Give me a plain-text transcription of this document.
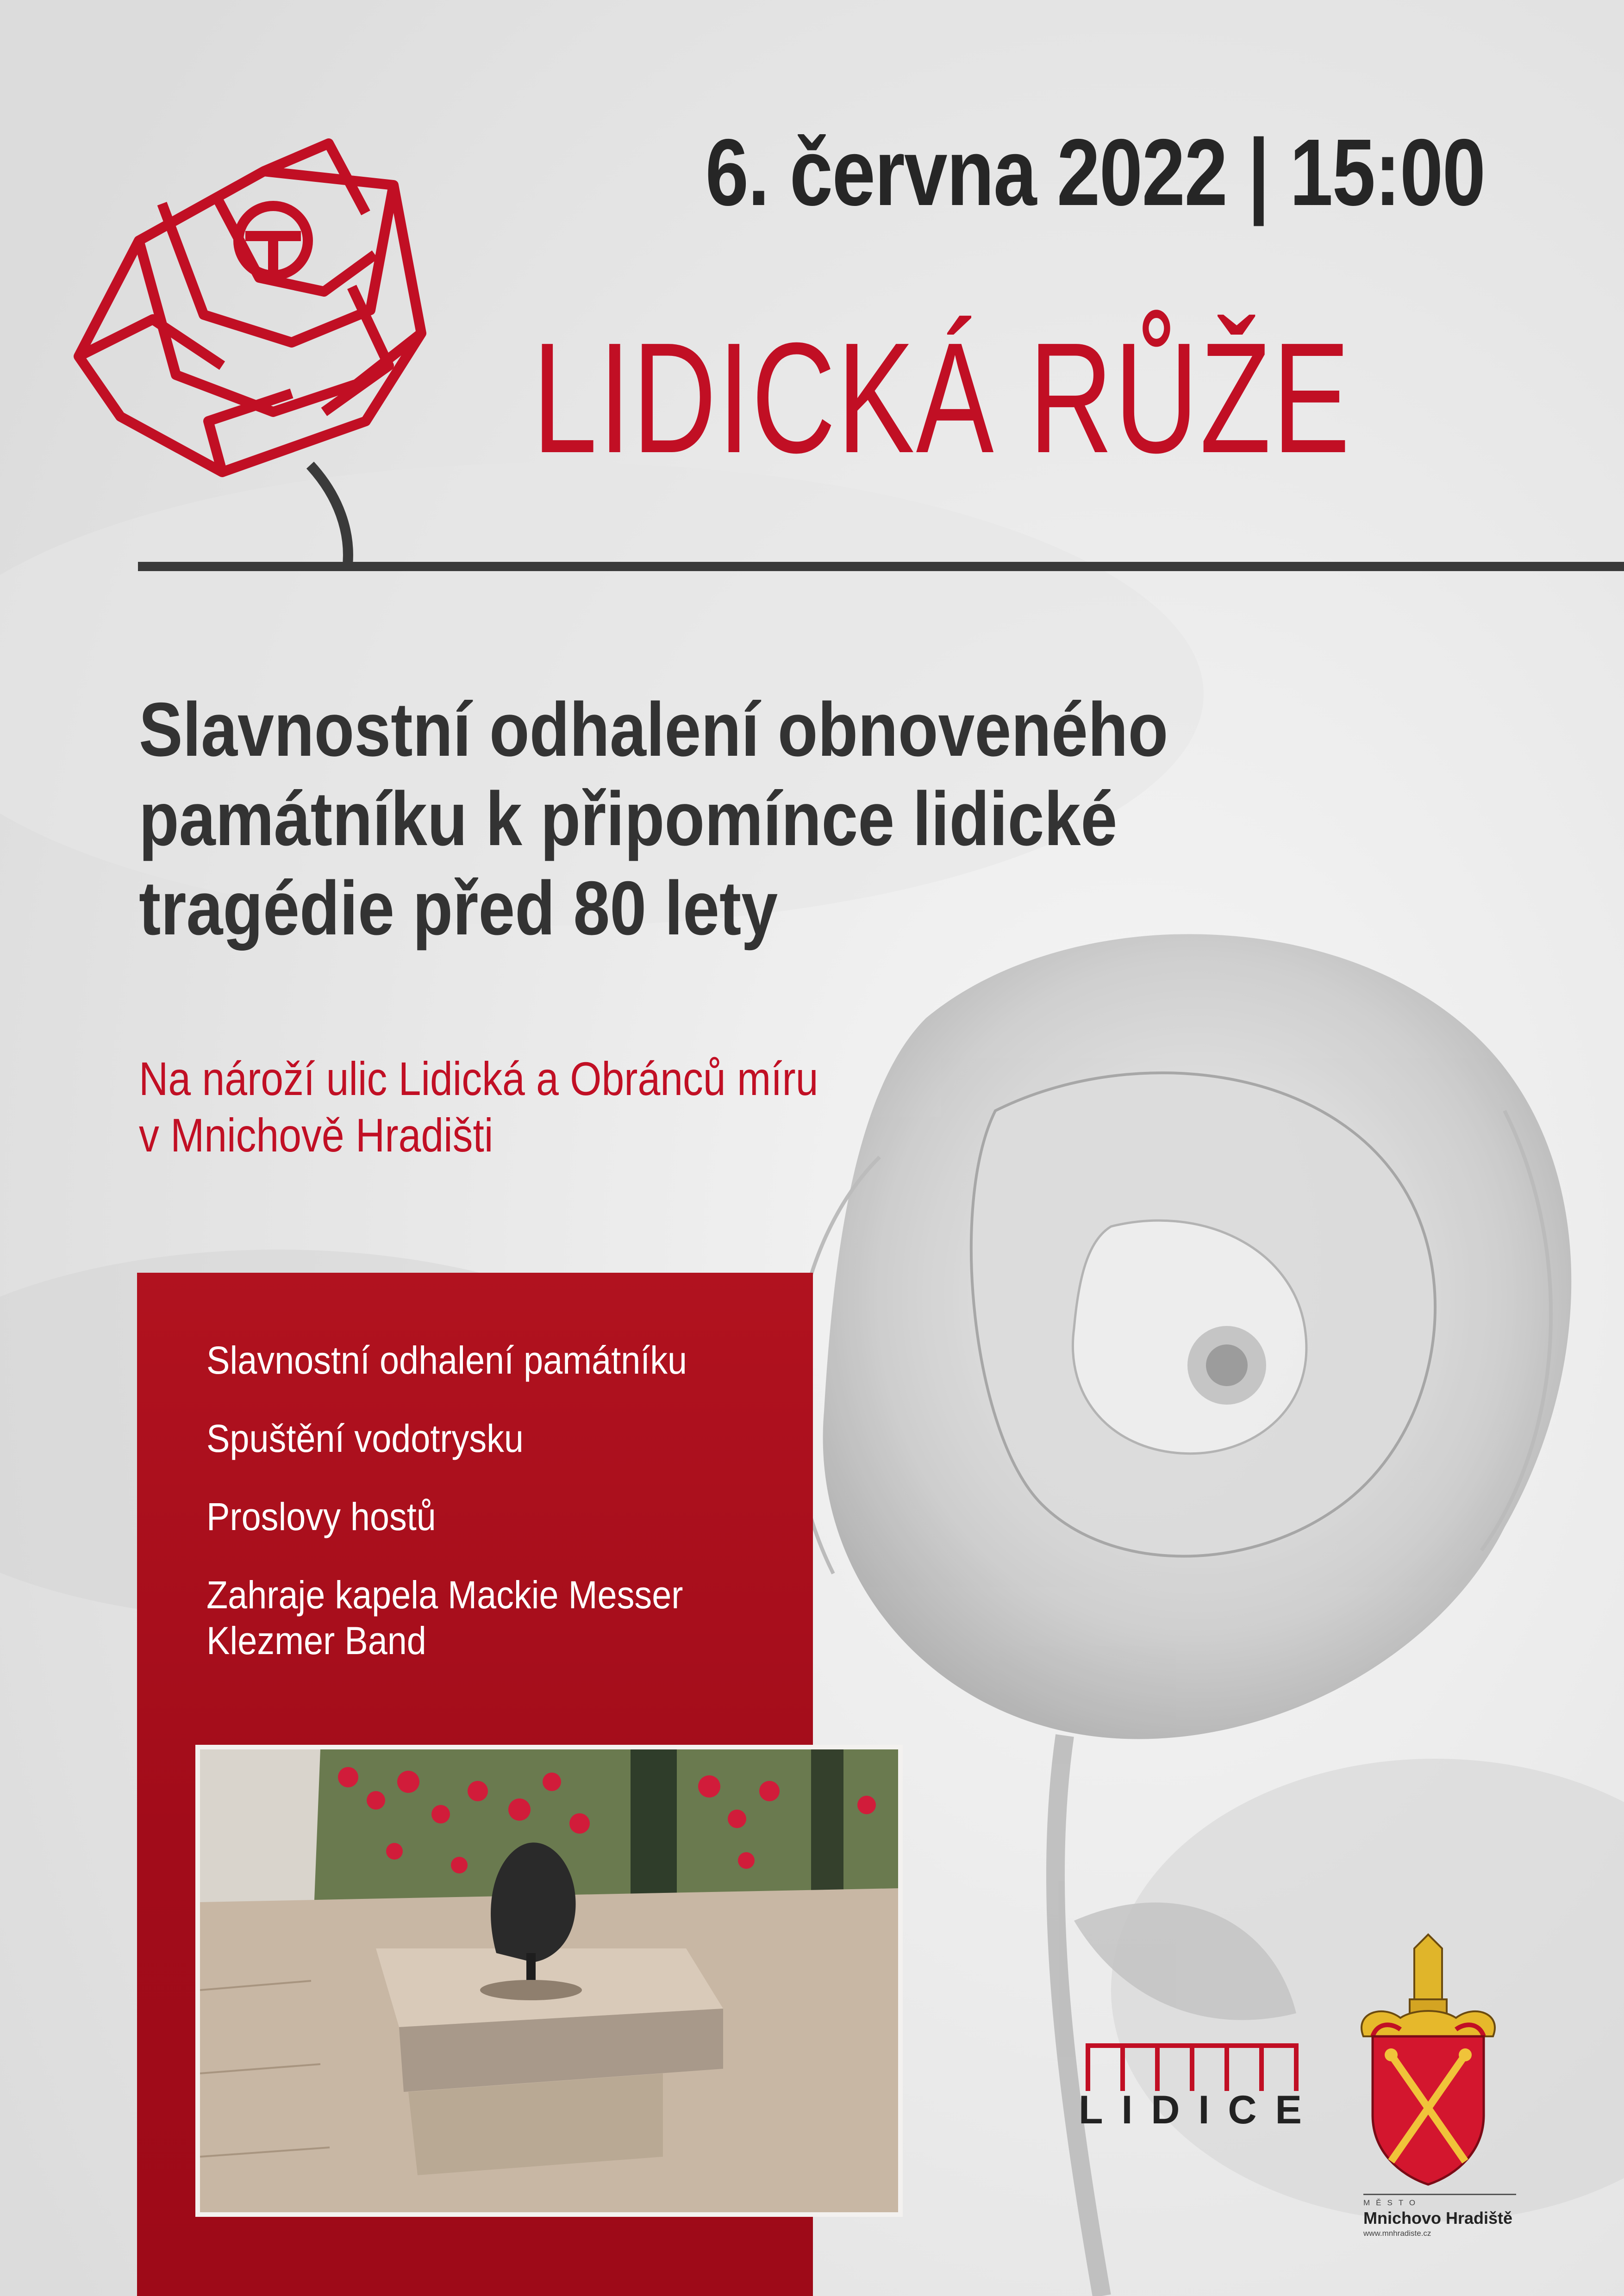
6. června 2022 | 15:00
LIDICKÁ RŮŽE
Slavnostní odhalení obnoveného
památníku k připomínce lidické
tragédie před 80 lety
Na nároží ulic Lidická a Obránců míru
v Mnichově Hradišti
Slavnostní odhalení památníku
Spuštění vodotrysku
Proslovy hostů
Zahraje kapela Mackie Messer
Klezmer Band
LIDICE
MĚSTO
Mnichovo Hradiště
www.mnhradiste.cz
